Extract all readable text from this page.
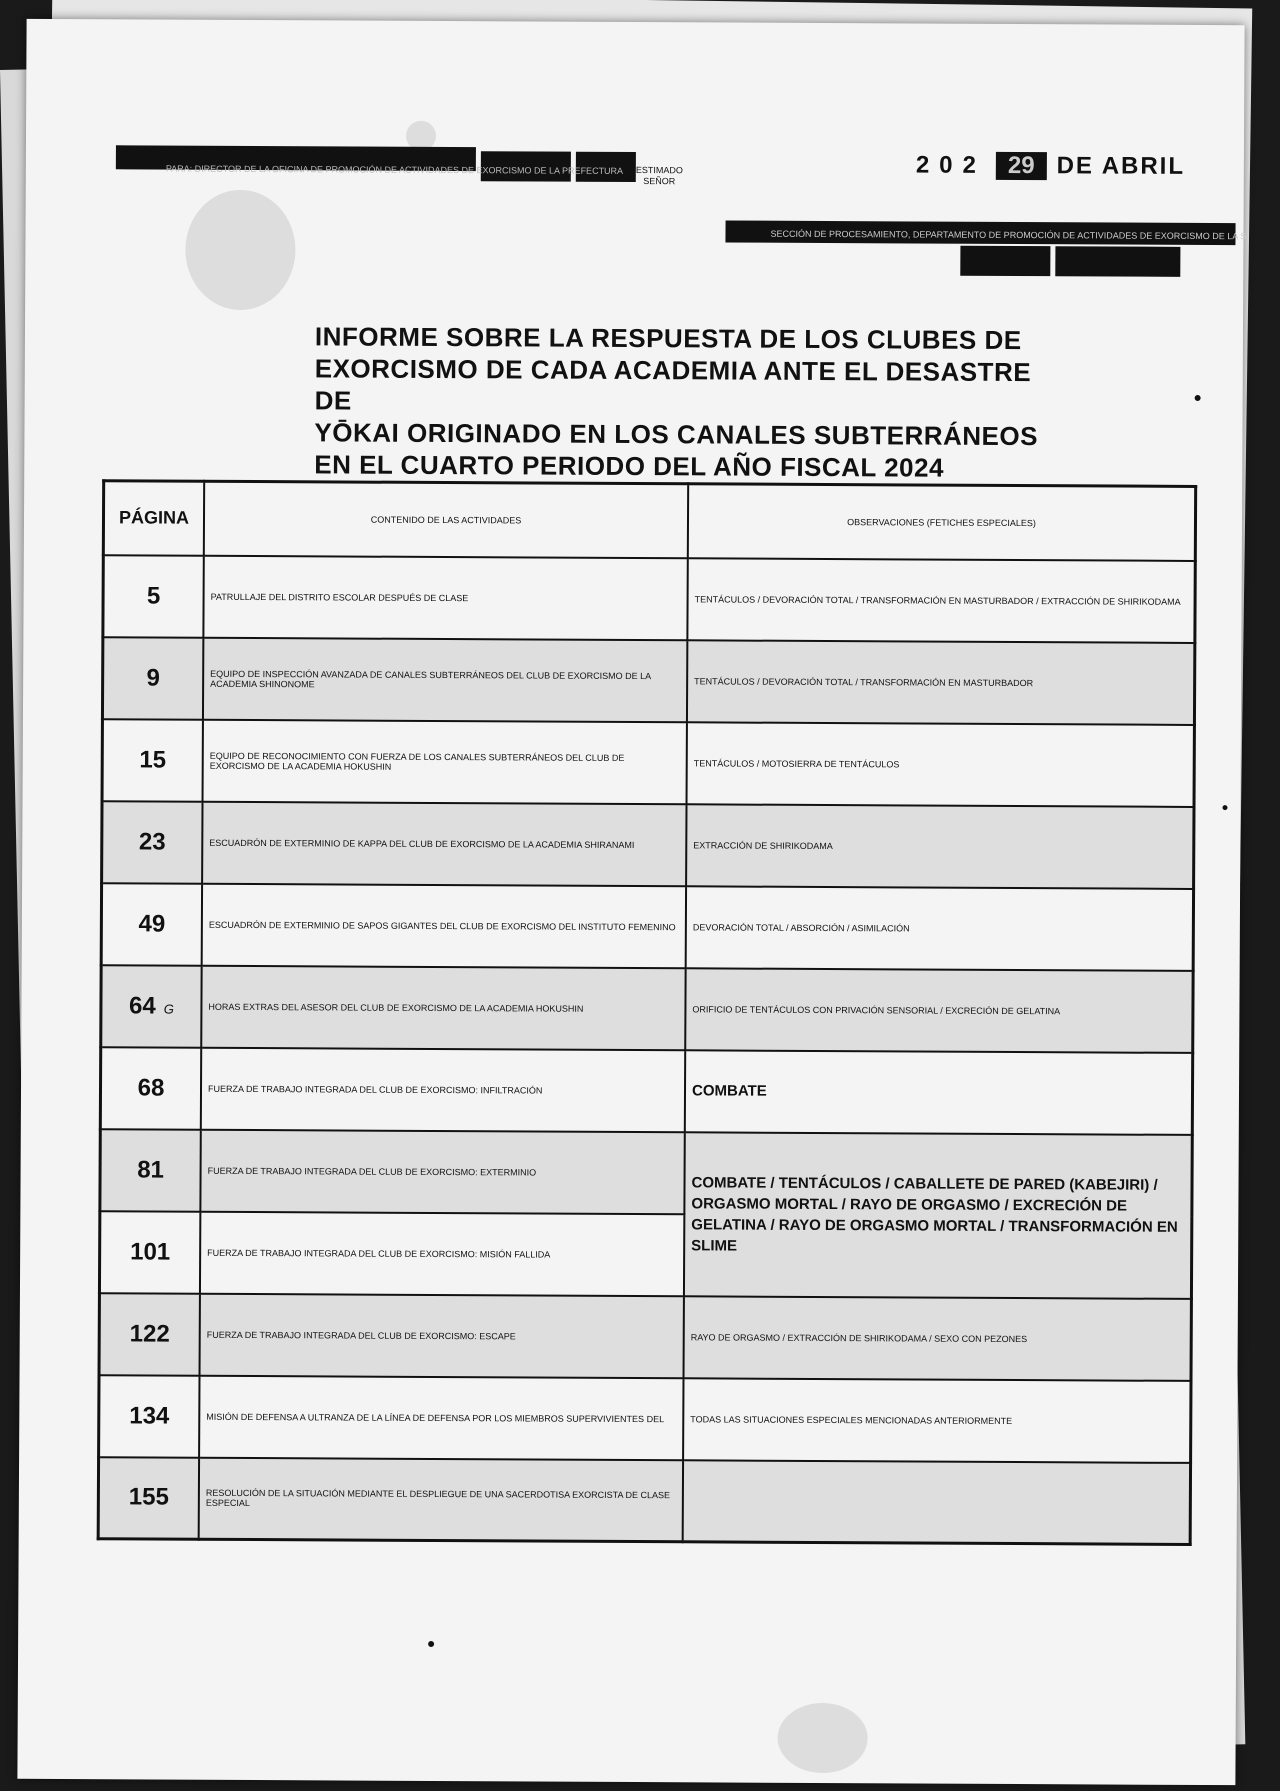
202 29 DE ABRIL
PARA: DIRECTOR DE LA OFICINA DE PROMOCIÓN DE ACTIVIDADES DE EXORCISMO DE LA PREFECTURA ESTIMADO
SEÑOR
SECCIÓN DE PROCESAMIENTO, DEPARTAMENTO DE PROMOCIÓN DE ACTIVIDADES DE EXORCISMO DE LA S
INFORME SOBRE LA RESPUESTA DE LOS CLUBES DE
EXORCISMO DE CADA ACADEMIA ANTE EL DESASTRE DE
YŌKAI ORIGINADO EN LOS CANALES SUBTERRÁNEOS
EN EL CUARTO PERIODO DEL AÑO FISCAL 2024
PÁGINA	CONTENIDO DE LAS ACTIVIDADES	OBSERVACIONES (FETICHES ESPECIALES)
5	PATRULLAJE DEL DISTRITO ESCOLAR DESPUÉS DE CLASE	TENTÁCULOS / DEVORACIÓN TOTAL / TRANSFORMACIÓN EN MASTURBADOR / EXTRACCIÓN DE SHIRIKODAMA
9	EQUIPO DE INSPECCIÓN AVANZADA DE CANALES SUBTERRÁNEOS DEL CLUB DE EXORCISMO DE LA ACADEMIA SHINONOME	TENTÁCULOS / DEVORACIÓN TOTAL / TRANSFORMACIÓN EN MASTURBADOR
15	EQUIPO DE RECONOCIMIENTO CON FUERZA DE LOS CANALES SUBTERRÁNEOS DEL CLUB DE EXORCISMO DE LA ACADEMIA HOKUSHIN	TENTÁCULOS / MOTOSIERRA DE TENTÁCULOS
23	ESCUADRÓN DE EXTERMINIO DE KAPPA DEL CLUB DE EXORCISMO DE LA ACADEMIA SHIRANAMI	EXTRACCIÓN DE SHIRIKODAMA
49	ESCUADRÓN DE EXTERMINIO DE SAPOS GIGANTES DEL CLUB DE EXORCISMO DEL INSTITUTO FEMENINO	DEVORACIÓN TOTAL / ABSORCIÓN / ASIMILACIÓN
64 G	HORAS EXTRAS DEL ASESOR DEL CLUB DE EXORCISMO DE LA ACADEMIA HOKUSHIN	ORIFICIO DE TENTÁCULOS CON PRIVACIÓN SENSORIAL / EXCRECIÓN DE GELATINA
68	FUERZA DE TRABAJO INTEGRADA DEL CLUB DE EXORCISMO: INFILTRACIÓN	COMBATE
81	FUERZA DE TRABAJO INTEGRADA DEL CLUB DE EXORCISMO: EXTERMINIO	COMBATE / TENTÁCULOS / CABALLETE DE PARED (KABEJIRI) / ORGASMO MORTAL / RAYO DE ORGASMO / EXCRECIÓN DE GELATINA / RAYO DE ORGASMO MORTAL / TRANSFORMACIÓN EN SLIME
101	FUERZA DE TRABAJO INTEGRADA DEL CLUB DE EXORCISMO: MISIÓN FALLIDA	
122	FUERZA DE TRABAJO INTEGRADA DEL CLUB DE EXORCISMO: ESCAPE	RAYO DE ORGASMO / EXTRACCIÓN DE SHIRIKODAMA / SEXO CON PEZONES
134	MISIÓN DE DEFENSA A ULTRANZA DE LA LÍNEA DE DEFENSA POR LOS MIEMBROS SUPERVIVIENTES DEL	TODAS LAS SITUACIONES ESPECIALES MENCIONADAS ANTERIORMENTE
155	RESOLUCIÓN DE LA SITUACIÓN MEDIANTE EL DESPLIEGUE DE UNA SACERDOTISA EXORCISTA DE CLASE ESPECIAL	
